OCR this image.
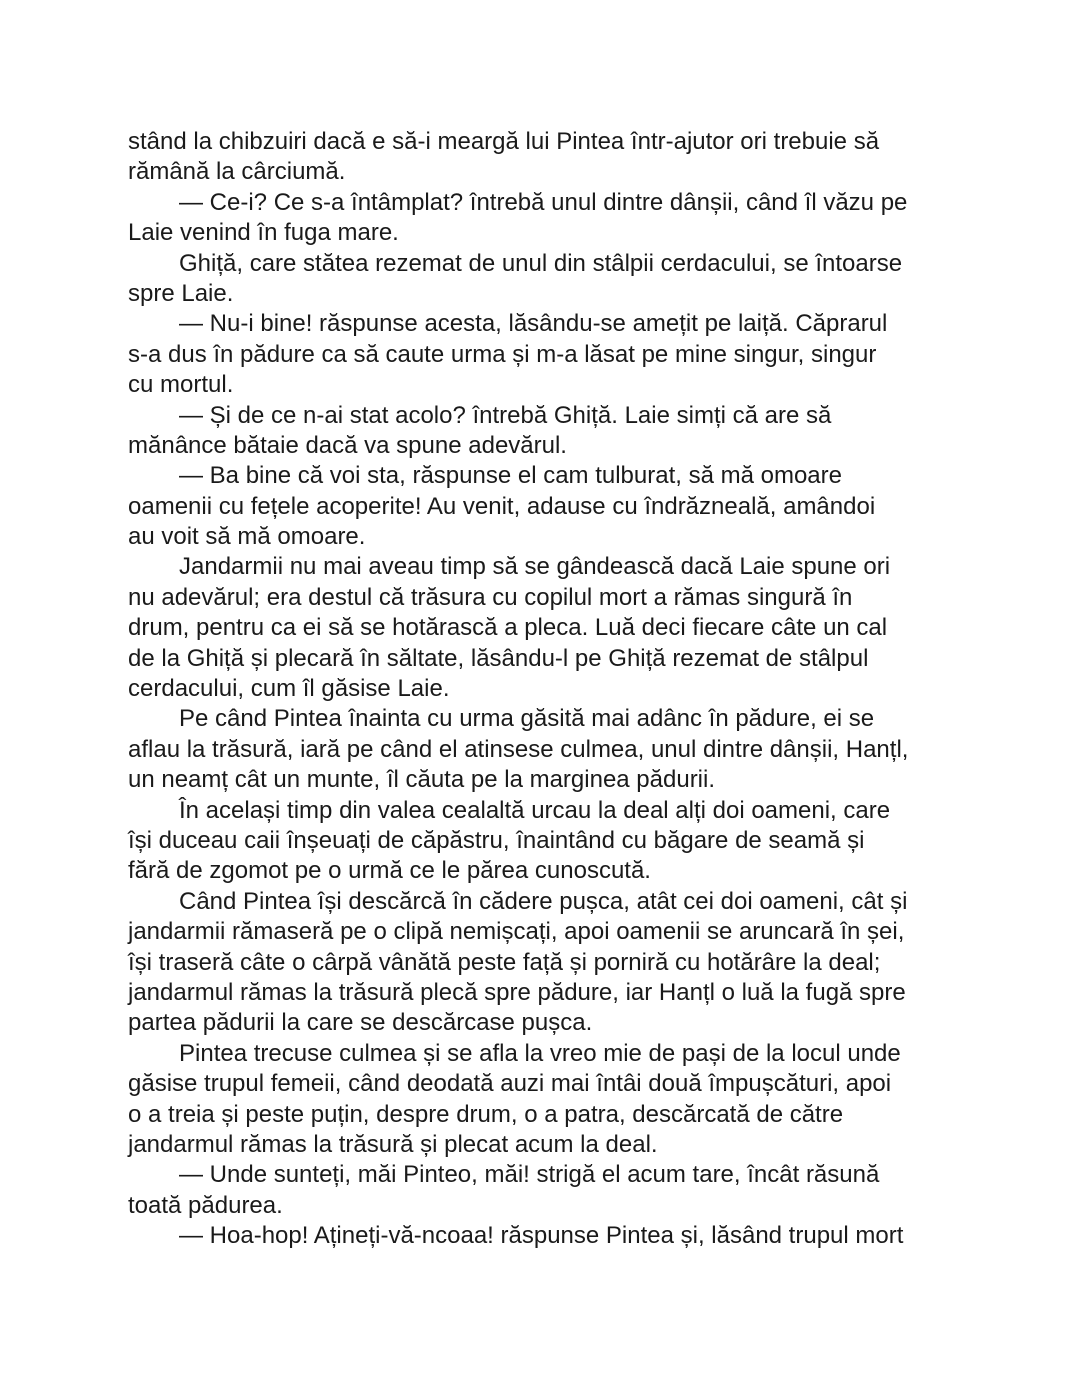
stând la chibzuiri dacă e să-i meargă lui Pintea într-ajutor ori trebuie să
rămână la cârciumă.
— Ce-i? Ce s-a întâmplat? întrebă unul dintre dânșii, când îl văzu pe
Laie venind în fuga mare.
Ghiță, care stătea rezemat de unul din stâlpii cerdacului, se întoarse
spre Laie.
— Nu-i bine! răspunse acesta, lăsându-se amețit pe laiță. Căprarul
s-a dus în pădure ca să caute urma și m-a lăsat pe mine singur, singur
cu mortul.
— Și de ce n-ai stat acolo? întrebă Ghiță. Laie simți că are să
mănânce bătaie dacă va spune adevărul.
— Ba bine că voi sta, răspunse el cam tulburat, să mă omoare
oamenii cu fețele acoperite! Au venit, adause cu îndrăzneală, amândoi
au voit să mă omoare.
Jandarmii nu mai aveau timp să se gândească dacă Laie spune ori
nu adevărul; era destul că trăsura cu copilul mort a rămas singură în
drum, pentru ca ei să se hotărască a pleca. Luă deci fiecare câte un cal
de la Ghiță și plecară în săltate, lăsându-l pe Ghiță rezemat de stâlpul
cerdacului, cum îl găsise Laie.
Pe când Pintea înainta cu urma găsită mai adânc în pădure, ei se
aflau la trăsură, iară pe când el atinsese culmea, unul dintre dânșii, Hanțl,
un neamț cât un munte, îl căuta pe la marginea pădurii.
În același timp din valea cealaltă urcau la deal alți doi oameni, care
își duceau caii înșeuați de căpăstru, înaintând cu băgare de seamă și
fără de zgomot pe o urmă ce le părea cunoscută.
Când Pintea își descărcă în cădere pușca, atât cei doi oameni, cât și
jandarmii rămaseră pe o clipă nemișcați, apoi oamenii se aruncară în șei,
își traseră câte o cârpă vânătă peste față și porniră cu hotărâre la deal;
jandarmul rămas la trăsură plecă spre pădure, iar Hanțl o luă la fugă spre
partea pădurii la care se descărcase pușca.
Pintea trecuse culmea și se afla la vreo mie de pași de la locul unde
găsise trupul femeii, când deodată auzi mai întâi două împușcături, apoi
o a treia și peste puțin, despre drum, o a patra, descărcată de către
jandarmul rămas la trăsură și plecat acum la deal.
— Unde sunteți, măi Pinteo, măi! strigă el acum tare, încât răsună
toată pădurea.
— Hoa-hop! Ațineți-vă-ncoaa! răspunse Pintea și, lăsând trupul mort
